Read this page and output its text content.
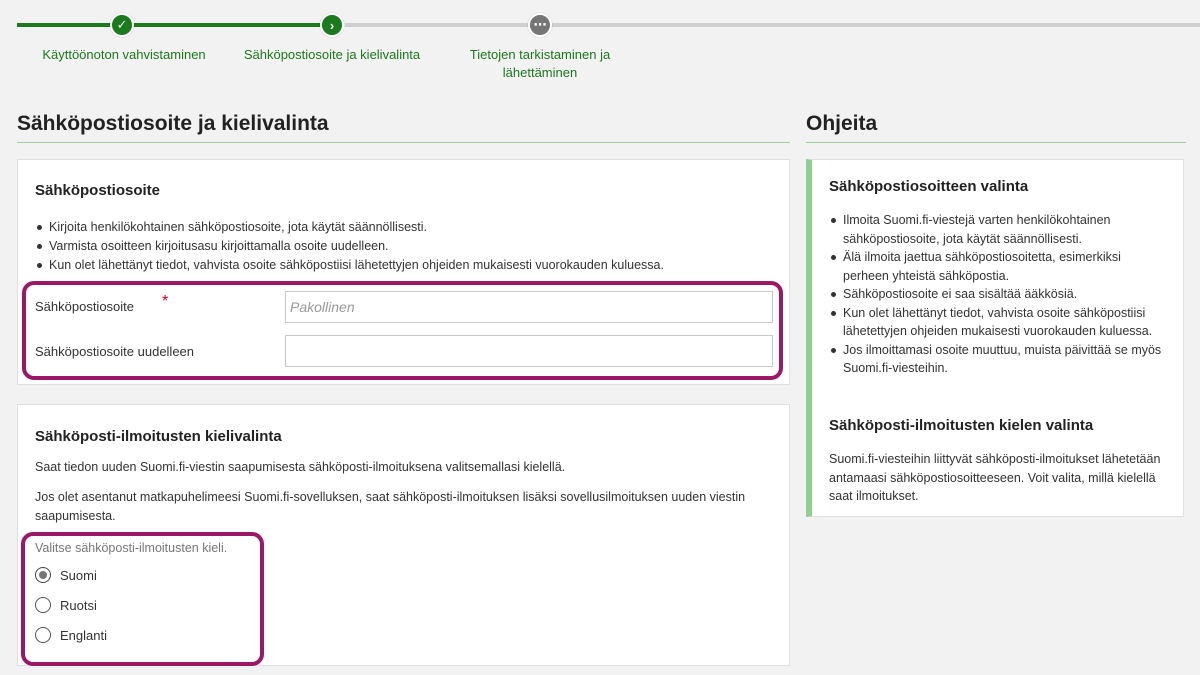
✓	›	⋯
Käyttöönoton vahvistaminen	Sähköpostiosoite ja kielivalinta	Tietojen tarkistaminen ja lähettäminen
Sähköpostiosoite ja kielivalinta	Ohjeita
Sähköpostiosoite
Kirjoita henkilökohtainen sähköpostiosoite, jota käytät säännöllisesti.
Varmista osoitteen kirjoitusasu kirjoittamalla osoite uudelleen.
Kun olet lähettänyt tiedot, vahvista osoite sähköpostiisi lähetettyjen ohjeiden mukaisesti vuorokauden kuluessa.
Sähköpostiosoite *
Pakollinen
Sähköpostiosoite uudelleen
Sähköposti-ilmoitusten kielivalinta

Saat tiedon uuden Suomi.fi-viestin saapumisesta sähköposti-ilmoituksena valitsemallasi kielellä.

Jos olet asentanut matkapuhelimeesi Suomi.fi-sovelluksen, saat sähköposti-ilmoituksen lisäksi sovellusilmoituksen uuden viestin saapumisesta.

Valitse sähköposti-ilmoitusten kieli.
Suomi
Ruotsi
Englanti
Sähköpostiosoitteen valinta
Ilmoita Suomi.fi-viestejä varten henkilökohtainen sähköpostiosoite, jota käytät säännöllisesti.
Älä ilmoita jaettua sähköpostiosoitetta, esimerkiksi perheen yhteistä sähköpostia.
Sähköpostiosoite ei saa sisältää ääkkösiä.
Kun olet lähettänyt tiedot, vahvista osoite sähköpostiisi lähetettyjen ohjeiden mukaisesti vuorokauden kuluessa.
Jos ilmoittamasi osoite muuttuu, muista päivittää se myös Suomi.fi-viesteihin.
Sähköposti-ilmoitusten kielen valinta

Suomi.fi-viesteihin liittyvät sähköposti-ilmoitukset lähetetään antamaasi sähköpostiosoitteeseen. Voit valita, millä kielellä saat ilmoitukset.
